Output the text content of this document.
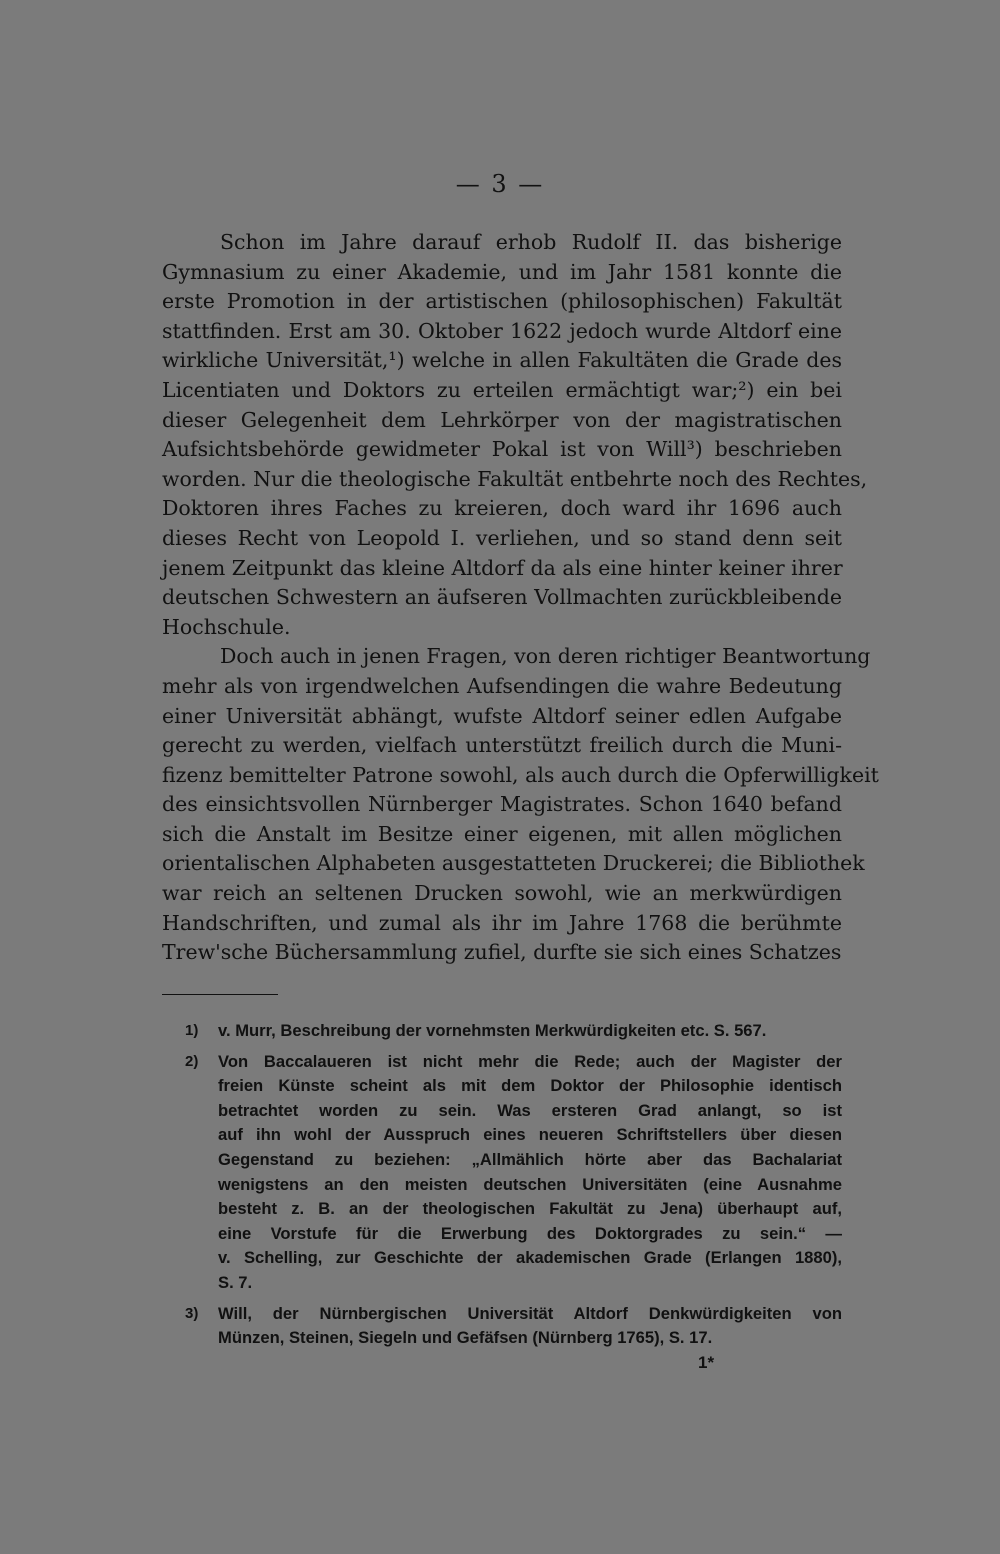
— 3 —
Schon im Jahre darauf erhob Rudolf II. das bisherige
Gymnasium zu einer Akademie, und im Jahr 1581 konnte die
erste Promotion in der artistischen (philosophischen) Fakultät
stattfinden. Erst am 30. Oktober 1622 jedoch wurde Altdorf eine
wirkliche Universität,¹) welche in allen Fakultäten die Grade des
Licentiaten und Doktors zu erteilen ermächtigt war;²) ein bei
dieser Gelegenheit dem Lehrkörper von der magistratischen
Aufsichtsbehörde gewidmeter Pokal ist von Will³) beschrieben
worden. Nur die theologische Fakultät entbehrte noch des Rechtes,
Doktoren ihres Faches zu kreieren, doch ward ihr 1696 auch
dieses Recht von Leopold I. verliehen, und so stand denn seit
jenem Zeitpunkt das kleine Altdorf da als eine hinter keiner ihrer
deutschen Schwestern an äufseren Vollmachten zurückbleibende
Hochschule.
Doch auch in jenen Fragen, von deren richtiger Beantwortung
mehr als von irgendwelchen Aufsendingen die wahre Bedeutung
einer Universität abhängt, wufste Altdorf seiner edlen Aufgabe
gerecht zu werden, vielfach unterstützt freilich durch die Muni-
fizenz bemittelter Patrone sowohl, als auch durch die Opferwilligkeit
des einsichtsvollen Nürnberger Magistrates. Schon 1640 befand
sich die Anstalt im Besitze einer eigenen, mit allen möglichen
orientalischen Alphabeten ausgestatteten Druckerei; die Bibliothek
war reich an seltenen Drucken sowohl, wie an merkwürdigen
Handschriften, und zumal als ihr im Jahre 1768 die berühmte
Trew'sche Büchersammlung zufiel, durfte sie sich eines Schatzes
1) v. Murr, Beschreibung der vornehmsten Merkwürdigkeiten etc. S. 567.
2) Von Baccalaueren ist nicht mehr die Rede; auch der Magister der
freien Künste scheint als mit dem Doktor der Philosophie identisch
betrachtet worden zu sein. Was ersteren Grad anlangt, so ist
auf ihn wohl der Ausspruch eines neueren Schriftstellers über diesen
Gegenstand zu beziehen: „Allmählich hörte aber das Bachalariat
wenigstens an den meisten deutschen Universitäten (eine Ausnahme
besteht z. B. an der theologischen Fakultät zu Jena) überhaupt auf,
eine Vorstufe für die Erwerbung des Doktorgrades zu sein.“ —
v. Schelling, zur Geschichte der akademischen Grade (Erlangen 1880),
S. 7.
3) Will, der Nürnbergischen Universität Altdorf Denkwürdigkeiten von
Münzen, Steinen, Siegeln und Gefäfsen (Nürnberg 1765), S. 17.
1*
